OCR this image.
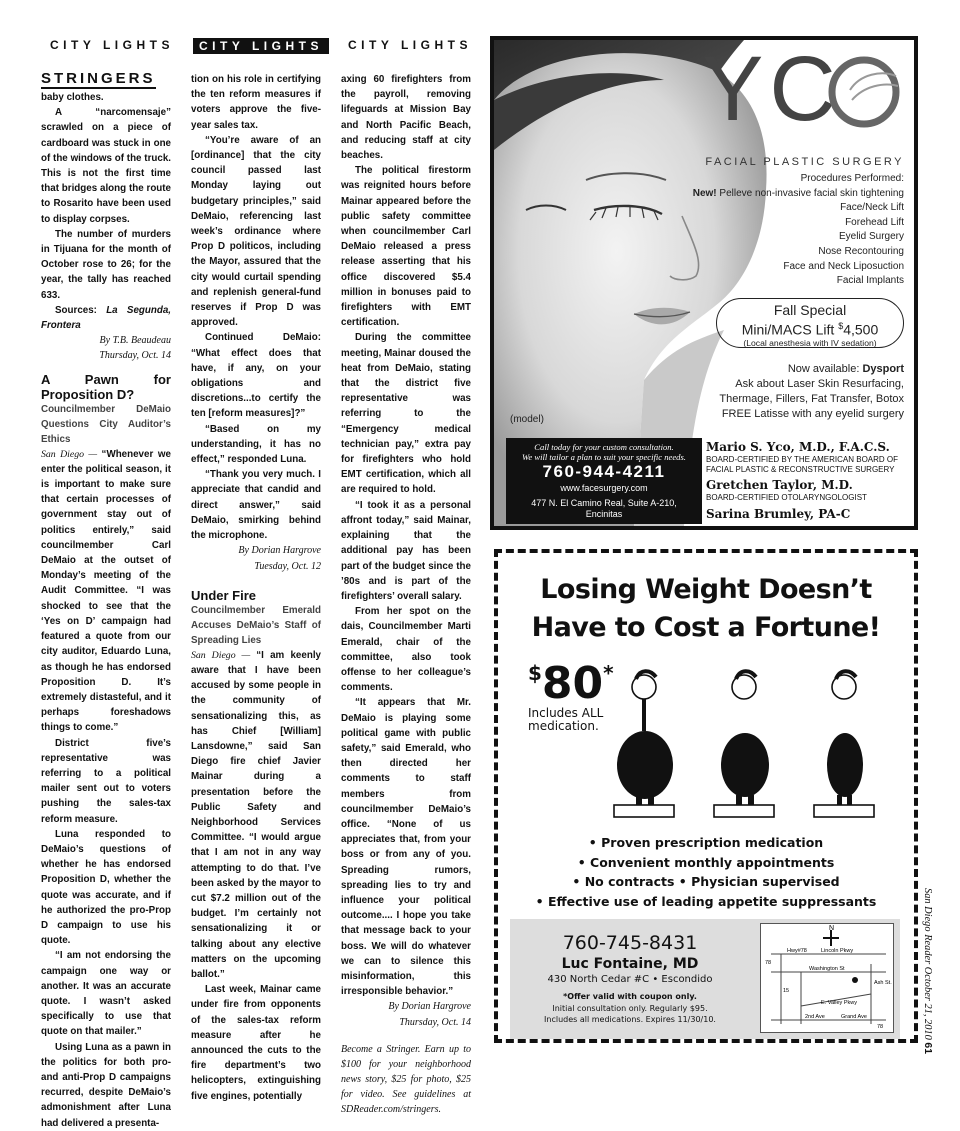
CITY LIGHTS	CITY LIGHTS	CITY LIGHTS
STRINGERS

baby clothes.

A “narcomensaje” scrawled on a piece of cardboard was stuck in one of the windows of the truck. This is not the first time that bridges along the route to Rosarito have been used to display corpses.

The number of murders in Tijuana for the month of October rose to 26; for the year, the tally has reached 633.

Sources: La Segunda, Frontera

By T.B. Beaudeau

Thursday, Oct. 14

A Pawn for Proposition D?
Councilmember DeMaio Questions City Auditor’s Ethics

San Diego — “Whenever we enter the political season, it is important to make sure that certain processes of government stay out of politics entirely,” said councilmember Carl DeMaio at the outset of Monday’s meeting of the Audit Committee. “I was shocked to see that the ‘Yes on D’ campaign had featured a quote from our city auditor, Eduardo Luna, as though he has endorsed Proposition D. It’s extremely distasteful, and it perhaps foreshadows things to come.”

District five’s representative was referring to a political mailer sent out to voters pushing the sales-tax reform measure.

Luna responded to DeMaio’s questions of whether he has endorsed Proposition D, whether the quote was accurate, and if he authorized the pro-Prop D campaign to use his quote.

“I am not endorsing the campaign one way or another. It was an accurate quote. I wasn’t asked specifically to use that quote on that mailer.”

Using Luna as a pawn in the politics for both pro- and anti-Prop D campaigns recurred, despite DeMaio’s admonishment after Luna had delivered a presenta-

tion on his role in certifying the ten reform measures if voters approve the five-year sales tax.

“You’re aware of an [ordinance] that the city council passed last Monday laying out budgetary principles,” said DeMaio, referencing last week’s ordinance where Prop D politicos, including the Mayor, assured that the city would curtail spending and replenish general-fund reserves if Prop D was approved.

Continued DeMaio: “What effect does that have, if any, on your obligations and discretions...to certify the ten [reform measures]?”

“Based on my understanding, it has no effect,” responded Luna.

“Thank you very much. I appreciate that candid and direct answer,” said DeMaio, smirking behind the microphone.

By Dorian Hargrove

Tuesday, Oct. 12

Under Fire
Councilmember Emerald Accuses DeMaio’s Staff of Spreading Lies

San Diego — “I am keenly aware that I have been accused by some people in the community of sensationalizing this, as has Chief [William] Lansdowne,” said San Diego fire chief Javier Mainar during a presentation before the Public Safety and Neighborhood Services Committee. “I would argue that I am not in any way attempting to do that. I’ve been asked by the mayor to cut $7.2 million out of the budget. I’m certainly not sensationalizing it or talking about any elective matters on the upcoming ballot.”

Last week, Mainar came under fire from opponents of the sales-tax reform measure after he announced the cuts to the fire department’s two helicopters, extinguishing five engines, potentially

axing 60 firefighters from the payroll, removing lifeguards at Mission Bay and North Pacific Beach, and reducing staff at city beaches.

The political firestorm was reignited hours before Mainar appeared before the public safety committee when councilmember Carl DeMaio released a press release asserting that his office discovered $5.4 million in bonuses paid to firefighters with EMT certification.

During the committee meeting, Mainar doused the heat from DeMaio, stating that the district five representative was referring to the “Emergency medical technician pay,” extra pay for firefighters who hold EMT certification, which all are required to hold.

“I took it as a personal affront today,” said Mainar, explaining that the additional pay has been part of the budget since the ’80s and is part of the firefighters’ overall salary.

From her spot on the dais, Councilmember Marti Emerald, chair of the committee, also took offense to her colleague’s comments.

“It appears that Mr. DeMaio is playing some political game with public safety,” said Emerald, who then directed her comments to staff members from councilmember DeMaio’s office. “None of us appreciates that, from your boss or from any of you. Spreading rumors, spreading lies to try and influence your political outcome.... I hope you take that message back to your boss. We will do whatever we can to silence this misinformation, this irresponsible behavior.”

By Dorian Hargrove

Thursday, Oct. 14

Become a Stringer. Earn up to $100 for your neighborhood news story, $25 for photo, $25 for video. See guidelines at SDReader.com/stringers.

YC
FACIAL PLASTIC SURGERY
Procedures Performed:
New! Pelleve non-invasive facial skin tightening
Face/Neck Lift
Forehead Lift
Eyelid Surgery
Nose Recontouring
Face and Neck Liposuction
Facial Implants
Fall Special
Mini/MACS Lift $4,500
(Local anesthesia with IV sedation)
Now available: Dysport
Ask about Laser Skin Resurfacing,
Thermage, Fillers, Fat Transfer, Botox
FREE Latisse with any eyelid surgery
(model)
Call today for your custom consultation.
We will tailor a plan to suit your specific needs.
760-944-4211
www.facesurgery.com
477 N. El Camino Real, Suite A-210,
Encinitas
Mario S. Yco, M.D., F.A.C.S.
BOARD-CERTIFIED BY THE AMERICAN BOARD OF FACIAL PLASTIC & RECONSTRUCTIVE SURGERY
Gretchen Taylor, M.D.
BOARD-CERTIFIED OTOLARYNGOLOGIST
Sarina Brumley, PA-C
Losing Weight Doesn’t
Have to Cost a Fortune!
$80*
Includes ALL
medication.
• Proven prescription medication
• Convenient monthly appointments
• No contracts • Physician supervised
• Effective use of leading appetite suppressants
760-745-8431
Luc Fontaine, MD
430 North Cedar #C • Escondido
*Offer valid with coupon only.
Initial consultation only. Regularly $95.
Includes all medications. Expires 11/30/10.
N
Hwy#78	Lincoln Pkwy
Washington St
Ash St.
78
15
E. Valley Pkwy
2nd Ave	Grand Ave
78
San Diego Reader October 21, 2010 61
